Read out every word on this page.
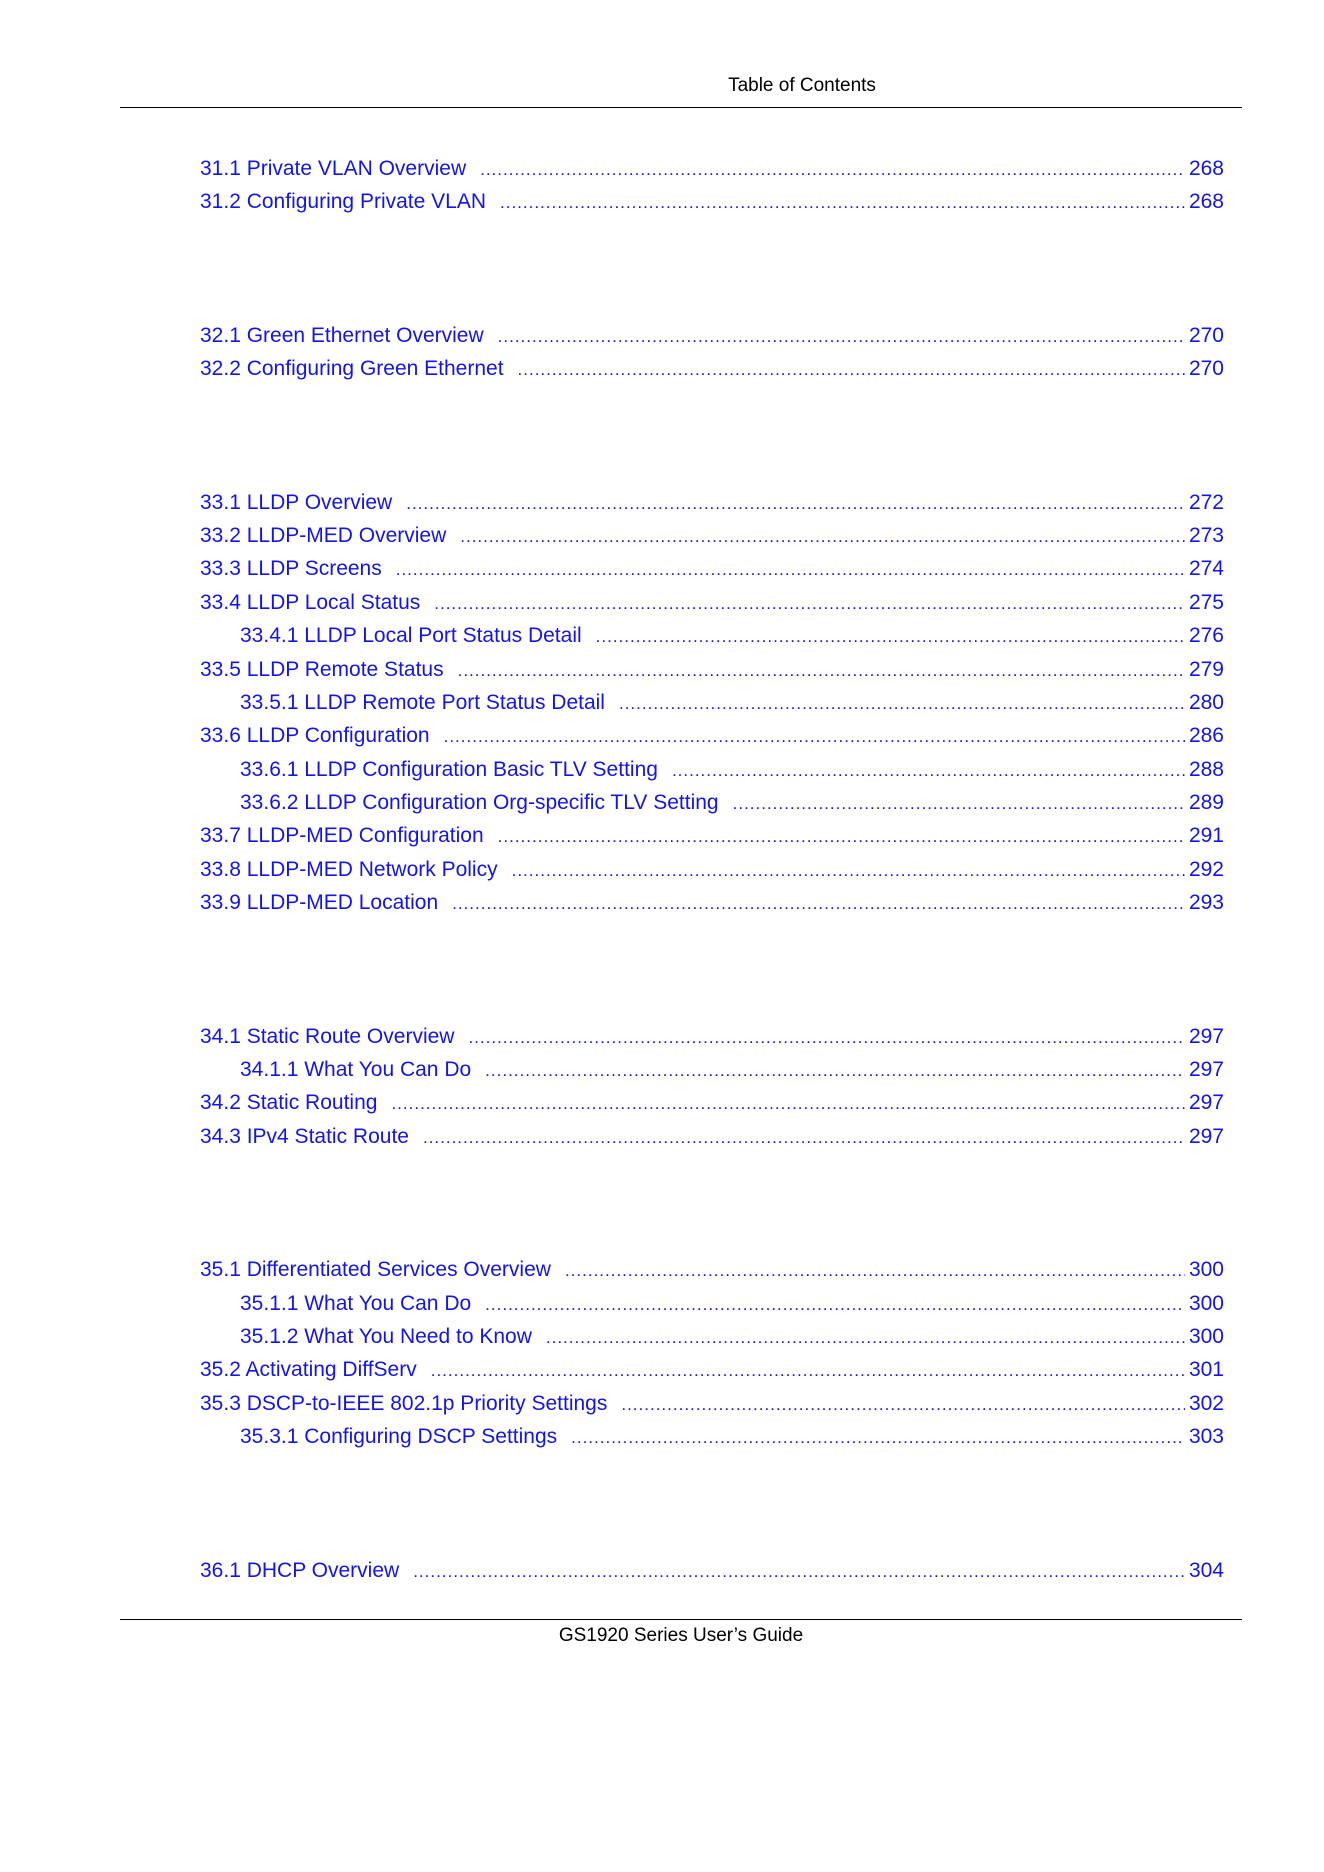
Table of Contents
31.1 Private VLAN Overview .....	268
31.2 Configuring Private VLAN .....	268
32.1 Green Ethernet Overview .....	270
32.2 Configuring Green Ethernet .....	270
33.1 LLDP Overview .....	272
33.2 LLDP-MED Overview .....	273
33.3 LLDP Screens .....	274
33.4 LLDP Local Status .....	275
33.4.1 LLDP Local Port Status Detail .....	276
33.5 LLDP Remote Status .....	279
33.5.1 LLDP Remote Port Status Detail .....	280
33.6 LLDP Configuration .....	286
33.6.1 LLDP Configuration Basic TLV Setting .....	288
33.6.2 LLDP Configuration Org-specific TLV Setting .....	289
33.7 LLDP-MED Configuration .....	291
33.8 LLDP-MED Network Policy .....	292
33.9 LLDP-MED Location .....	293
34.1 Static Route Overview .....	297
34.1.1 What You Can Do .....	297
34.2 Static Routing .....	297
34.3 IPv4 Static Route .....	297
35.1 Differentiated Services Overview .....	300
35.1.1 What You Can Do .....	300
35.1.2 What You Need to Know .....	300
35.2 Activating DiffServ .....	301
35.3 DSCP-to-IEEE 802.1p Priority Settings .....	302
35.3.1 Configuring DSCP Settings .....	303
36.1 DHCP Overview .....	304
GS1920 Series User’s Guide
